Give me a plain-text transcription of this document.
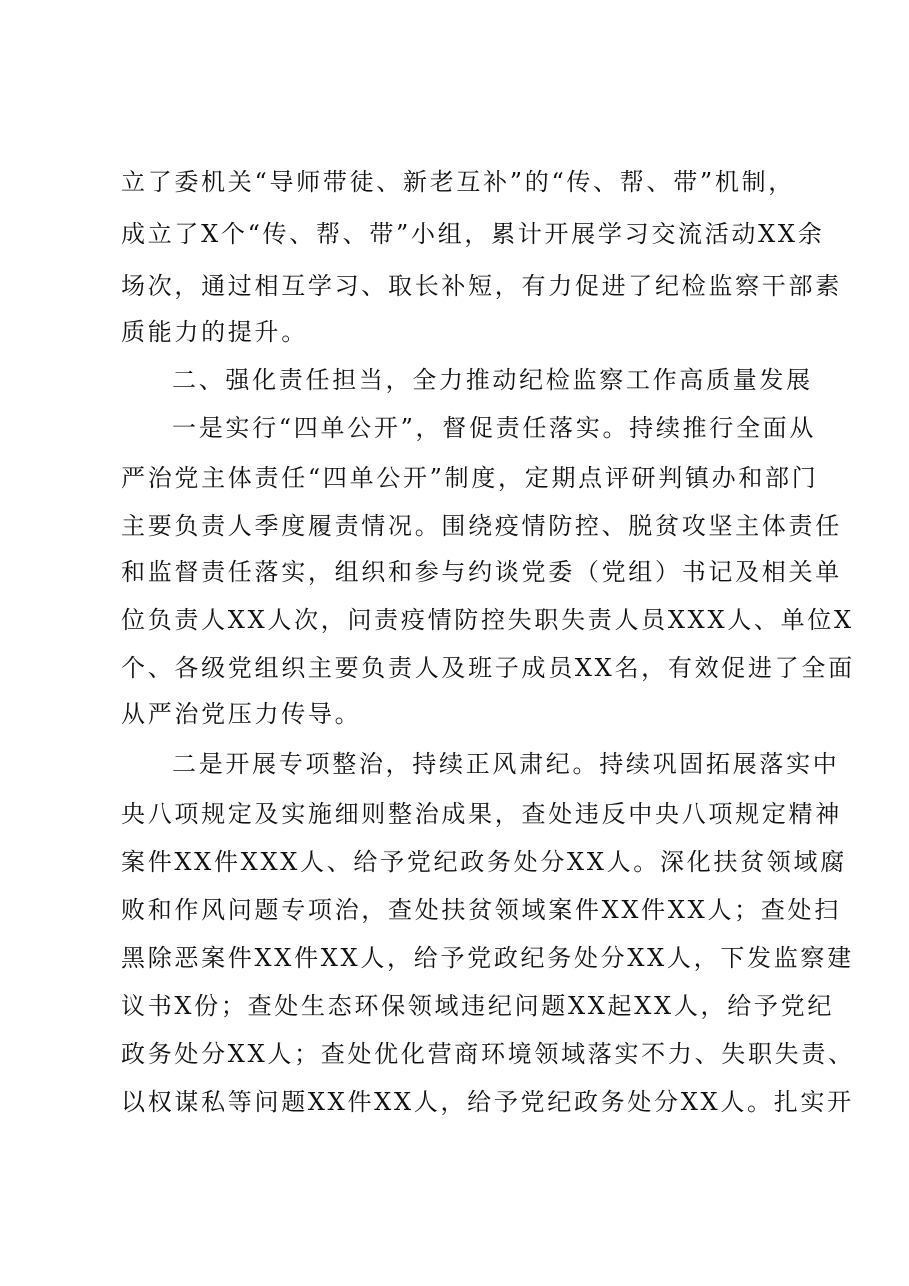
立了委机关“导师带徒、新老互补”的“传、帮、带”机制，

成立了X个“传、帮、带”小组，累计开展学习交流活动XX余

场次，通过相互学习、取长补短，有力促进了纪检监察干部素

质能力的提升。

二、强化责任担当，全力推动纪检监察工作高质量发展

一是实行“四单公开”，督促责任落实。持续推行全面从

严治党主体责任“四单公开”制度，定期点评研判镇办和部门

主要负责人季度履责情况。围绕疫情防控、脱贫攻坚主体责任

和监督责任落实，组织和参与约谈党委（党组）书记及相关单

位负责人XX人次，问责疫情防控失职失责人员XXX人、单位X

个、各级党组织主要负责人及班子成员XX名，有效促进了全面

从严治党压力传导。

二是开展专项整治，持续正风肃纪。持续巩固拓展落实中

央八项规定及实施细则整治成果，查处违反中央八项规定精神

案件XX件XXX人、给予党纪政务处分XX人。深化扶贫领域腐

败和作风问题专项治，查处扶贫领域案件XX件XX人；查处扫

黑除恶案件XX件XX人，给予党政纪务处分XX人，下发监察建

议书X份；查处生态环保领域违纪问题XX起XX人，给予党纪

政务处分XX人；查处优化营商环境领域落实不力、失职失责、

以权谋私等问题XX件XX人，给予党纪政务处分XX人。扎实开
